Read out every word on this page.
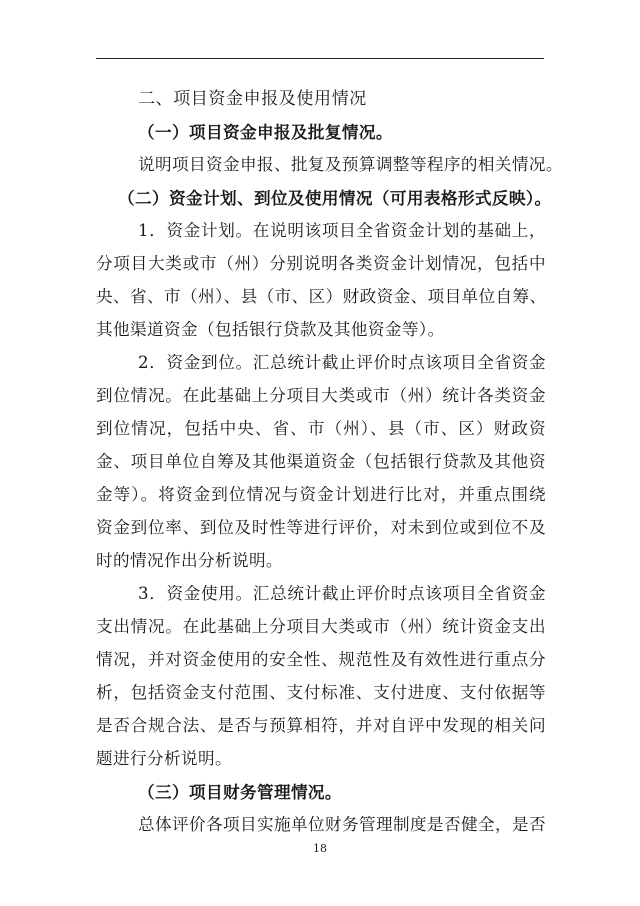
二、项目资金申报及使用情况
（一）项目资金申报及批复情况。
说明项目资金申报、批复及预算调整等程序的相关情况。
（二）资金计划、到位及使用情况（可用表格形式反映）。
1．资金计划。在说明该项目全省资金计划的基础上，
分项目大类或市（州）分别说明各类资金计划情况，包括中
央、省、市（州）、县（市、区）财政资金、项目单位自筹、
其他渠道资金（包括银行贷款及其他资金等）。
2．资金到位。汇总统计截止评价时点该项目全省资金
到位情况。在此基础上分项目大类或市（州）统计各类资金
到位情况，包括中央、省、市（州）、县（市、区）财政资
金、项目单位自筹及其他渠道资金（包括银行贷款及其他资
金等）。将资金到位情况与资金计划进行比对，并重点围绕
资金到位率、到位及时性等进行评价，对未到位或到位不及
时的情况作出分析说明。
3．资金使用。汇总统计截止评价时点该项目全省资金
支出情况。在此基础上分项目大类或市（州）统计资金支出
情况，并对资金使用的安全性、规范性及有效性进行重点分
析，包括资金支付范围、支付标准、支付进度、支付依据等
是否合规合法、是否与预算相符，并对自评中发现的相关问
题进行分析说明。
（三）项目财务管理情况。
总体评价各项目实施单位财务管理制度是否健全，是否
18
